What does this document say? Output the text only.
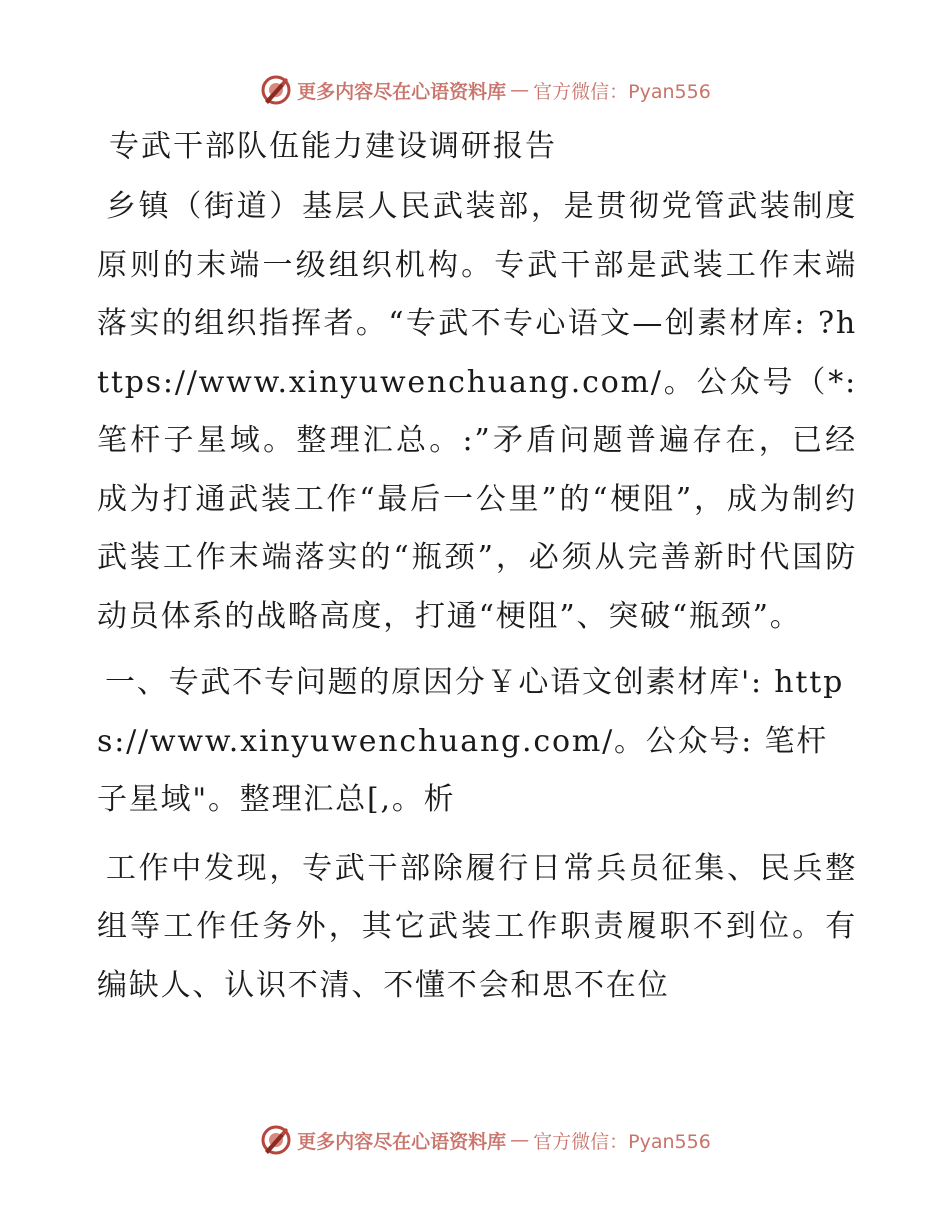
更多内容尽在心语资料库 — 官方微信：Pyan556
专武干部队伍能力建设调研报告
乡镇（街道）基层人民武装部，是贯彻党管武装制度原则的末端一级组织机构。专武干部是武装工作末端落实的组织指挥者。“专武不专心语文—创素材库: ?https://www.xinyuwenchuang.com/。公众号（*: 笔杆子星域。整理汇总。:”矛盾问题普遍存在，已经成为打通武装工作“最后一公里”的“梗阻”，成为制约武装工作末端落实的“瓶颈”，必须从完善新时代国防动员体系的战略高度，打通“梗阻”、突破“瓶颈”。
一、专武不专问题的原因分￥心语文创素材库': https://www.xinyuwenchuang.com/。公众号: 笔杆子星域"。整理汇总[,。析
工作中发现，专武干部除履行日常兵员征集、民兵整组等工作任务外，其它武装工作职责履职不到位。有编缺人、认识不清、不懂不会和思不在位
更多内容尽在心语资料库 — 官方微信：Pyan556
